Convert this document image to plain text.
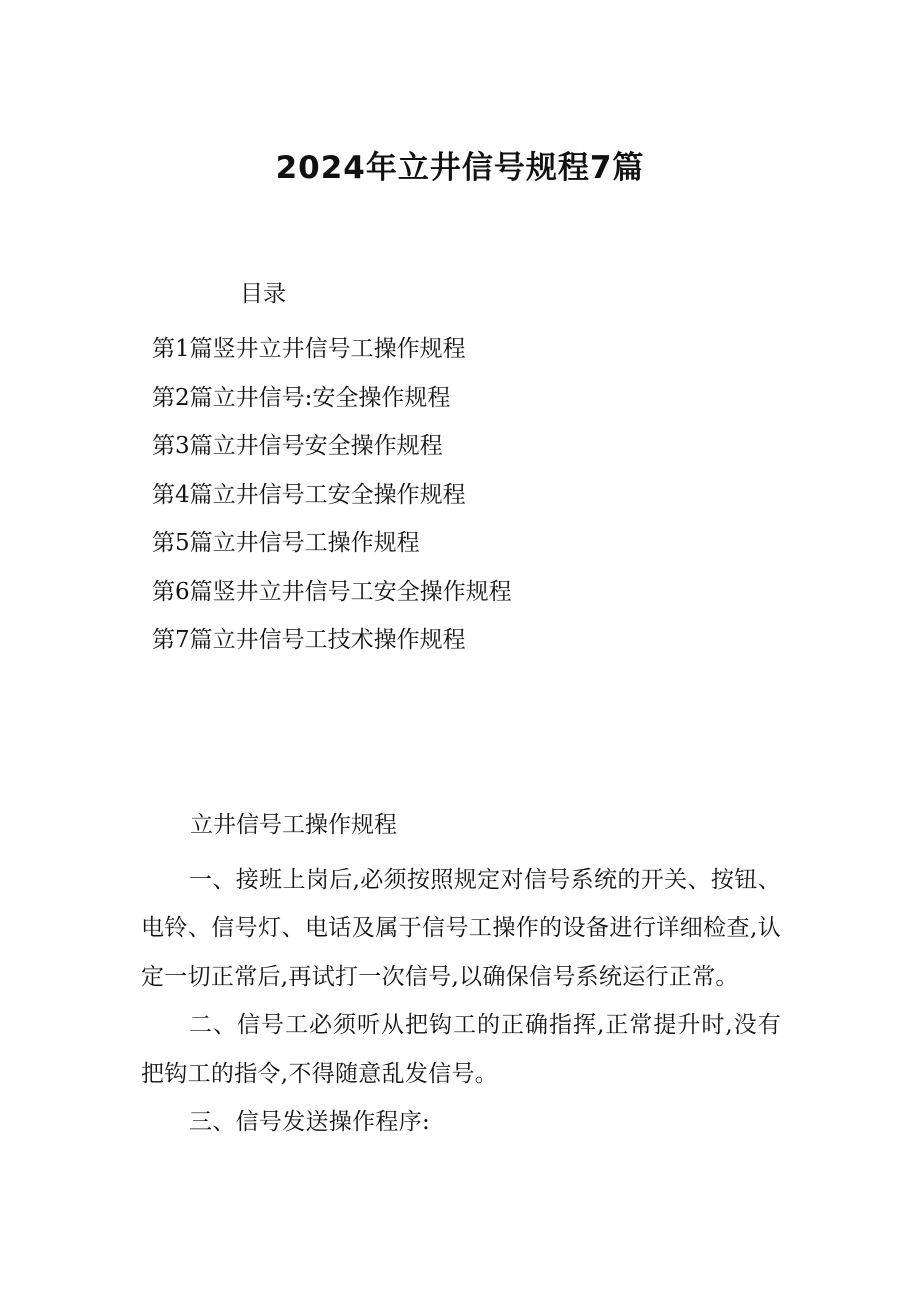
2024年立井信号规程7篇
目录
第1篇竖井立井信号工操作规程
第2篇立井信号:安全操作规程
第3篇立井信号安全操作规程
第4篇立井信号工安全操作规程
第5篇立井信号工操作规程
第6篇竖井立井信号工安全操作规程
第7篇立井信号工技术操作规程
立井信号工操作规程

一、接班上岗后,必须按照规定对信号系统的开关、按钮、电铃、信号灯、电话及属于信号工操作的设备进行详细检查,认定一切正常后,再试打一次信号,以确保信号系统运行正常。

二、信号工必须听从把钩工的正确指挥,正常提升时,没有把钩工的指令,不得随意乱发信号。

三、信号发送操作程序:
